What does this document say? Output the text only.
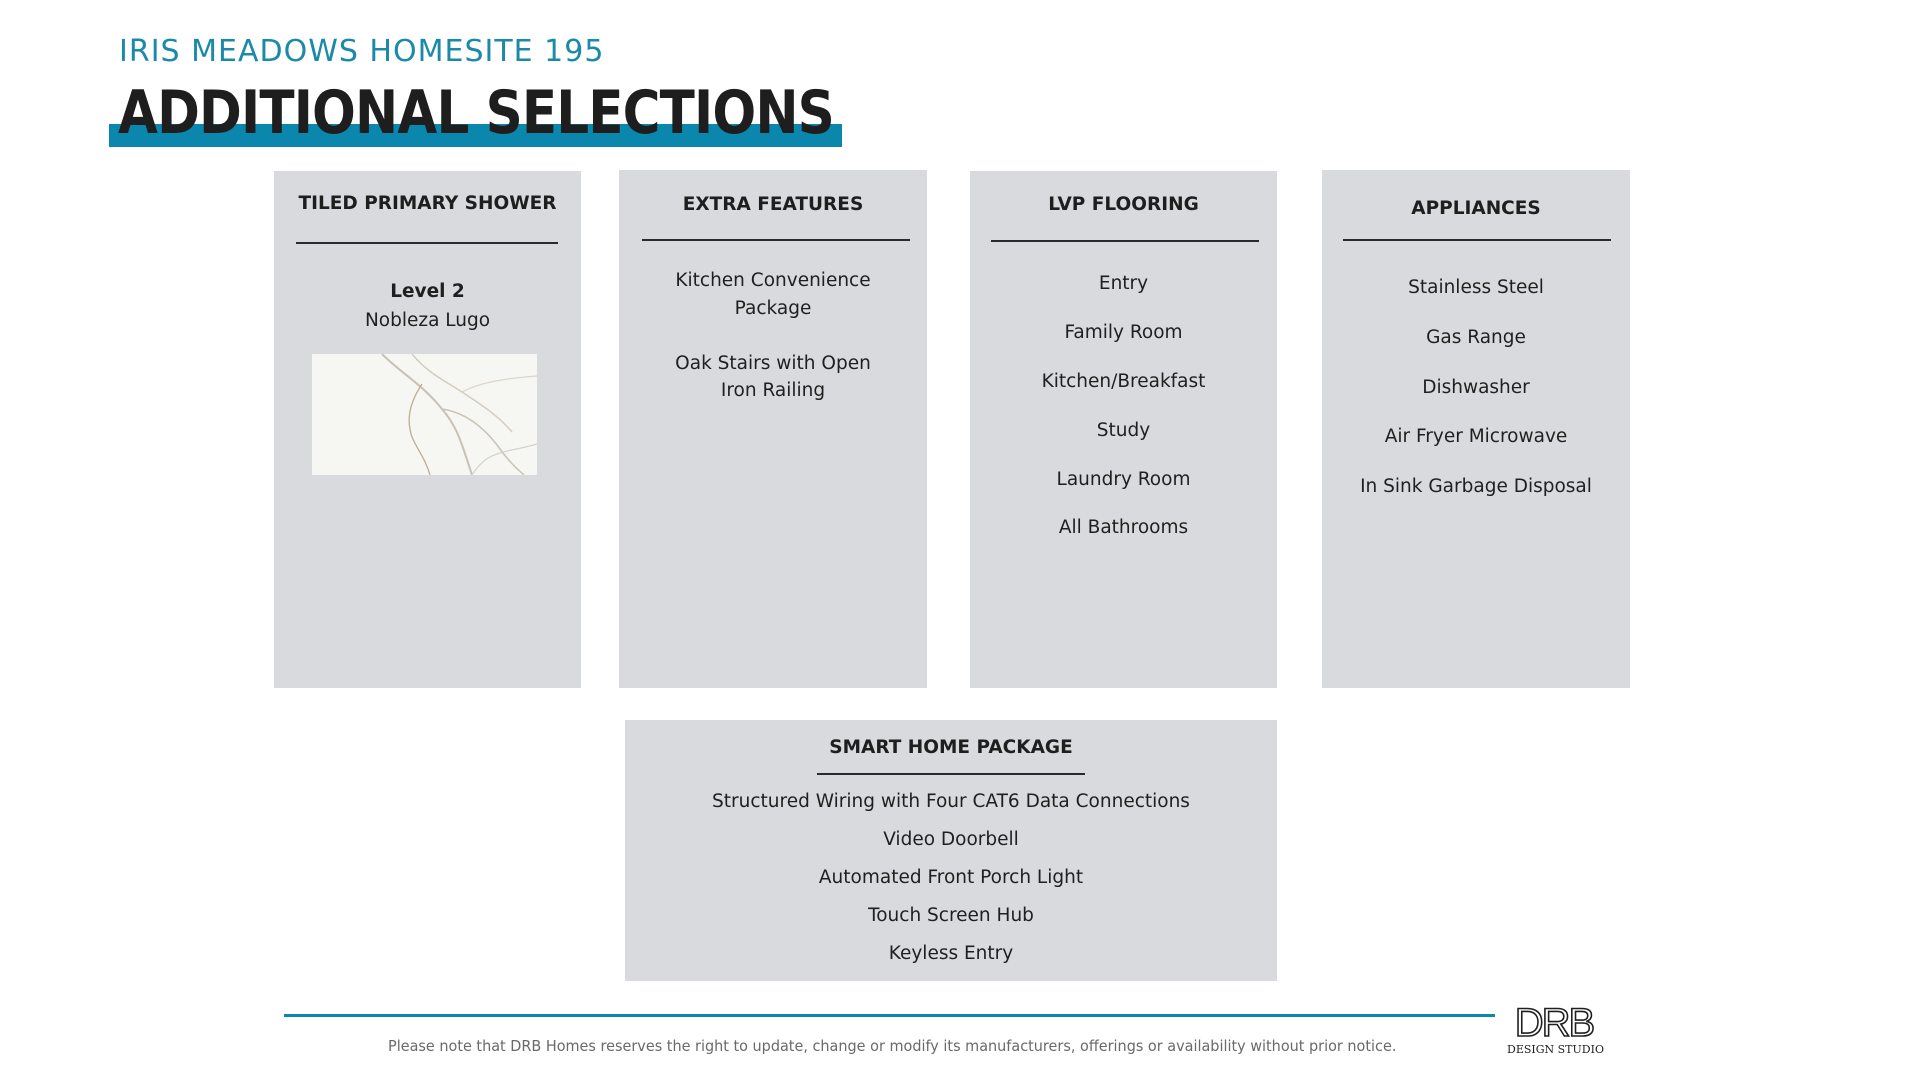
IRIS MEADOWS HOMESITE 195
ADDITIONAL SELECTIONS
TILED PRIMARY SHOWER
Level 2
Nobleza Lugo
EXTRA FEATURES
Kitchen Convenience
Package
Oak Stairs with Open
Iron Railing
LVP FLOORING
Entry
Family Room
Kitchen/Breakfast
Study
Laundry Room
All Bathrooms
APPLIANCES
Stainless Steel
Gas Range
Dishwasher
Air Fryer Microwave
In Sink Garbage Disposal
SMART HOME PACKAGE
Structured Wiring with Four CAT6 Data Connections
Video Doorbell
Automated Front Porch Light
Touch Screen Hub
Keyless Entry
Please note that DRB Homes reserves the right to update, change or modify its manufacturers, offerings or availability without prior notice.
DRB
DESIGN STUDIO
